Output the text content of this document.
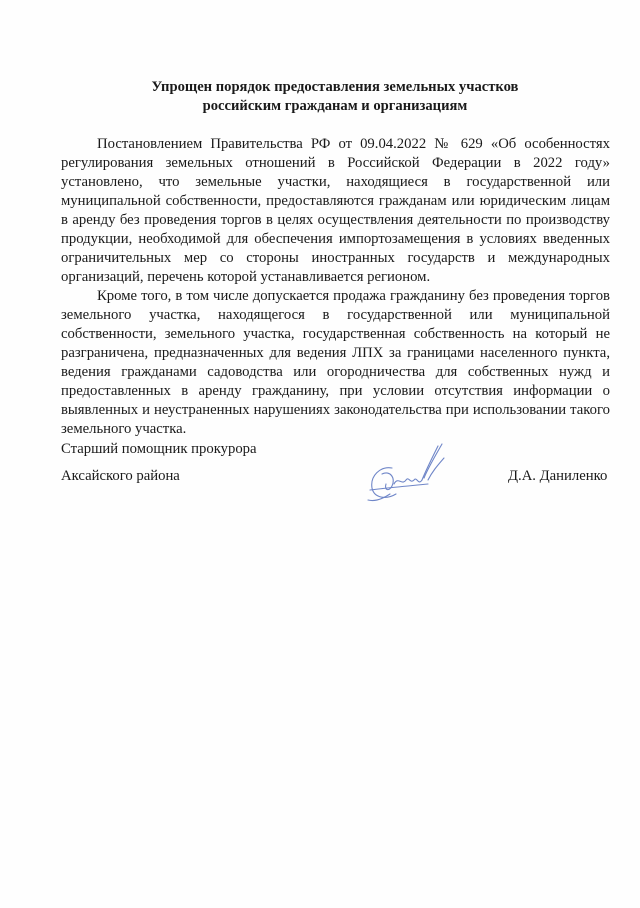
Упрощен порядок предоставления земельных участков
российским гражданам и организациям

Постановлением Правительства РФ от 09.04.2022 № 629 «Об особенностях регулирования земельных отношений в Российской Федерации в 2022 году» установлено, что земельные участки, находящиеся в государственной или муниципальной собственности, предоставляются гражданам или юридическим лицам в аренду без проведения торгов в целях осуществления деятельности по производству продукции, необходимой для обеспечения импортозамещения в условиях введенных ограничительных мер со стороны иностранных государств и международных организаций, перечень которой устанавливается регионом.

Кроме того, в том числе допускается продажа гражданину без проведения торгов земельного участка, находящегося в государственной или муниципальной собственности, земельного участка, государственная собственность на который не разграничена, предназначенных для ведения ЛПХ за границами населенного пункта, ведения гражданами садоводства или огородничества для собственных нужд и предоставленных в аренду гражданину, при условии отсутствия информации о выявленных и неустраненных нарушениях законодательства при использовании такого земельного участка.

Старший помощник прокурора
Аксайского района	Д.А. Даниленко
